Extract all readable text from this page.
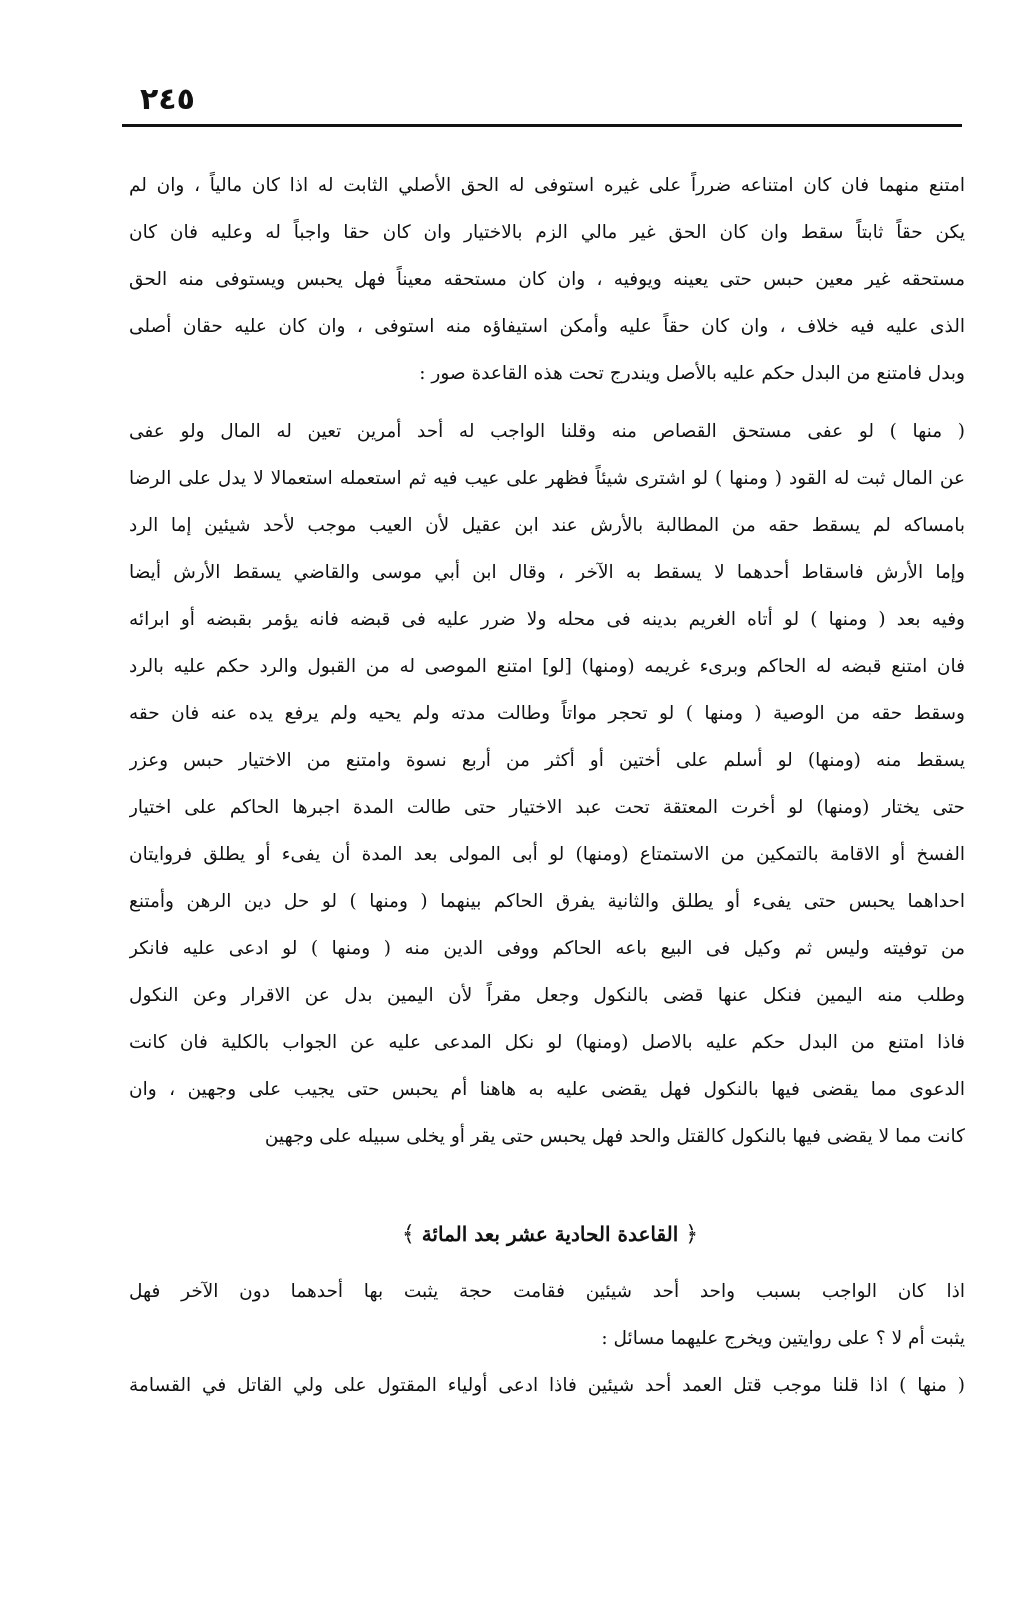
٢٤٥
امتنع منهما فان كان امتناعه ضرراً على غيره استوفى له الحق الأصلي الثابت له اذا كان مالياً ، وان لم
يكن حقاً ثابتاً سقط وان كان الحق غير مالي الزم بالاختيار وان كان حقا واجباً له وعليه فان كان
مستحقه غير معين حبس حتى يعينه ويوفيه ، وان كان مستحقه معيناً فهل يحبس ويستوفى منه الحق
الذى عليه فيه خلاف ، وان كان حقاً عليه وأمكن استيفاؤه منه استوفى ، وان كان عليه حقان أصلى
وبدل فامتنع من البدل حكم عليه بالأصل ويندرج تحت هذه القاعدة صور :
( منها ) لو عفى مستحق القصاص منه وقلنا الواجب له أحد أمرين تعين له المال ولو عفى
عن المال ثبت له القود ( ومنها ) لو اشترى شيئاً فظهر على عيب فيه ثم استعمله استعمالا لا يدل على الرضا
بامساكه لم يسقط حقه من المطالبة بالأرش عند ابن عقيل لأن العيب موجب لأحد شيئين إما الرد
وإما الأرش فاسقاط أحدهما لا يسقط به الآخر ، وقال ابن أبي موسى والقاضي يسقط الأرش أيضا
وفيه بعد ( ومنها ) لو أتاه الغريم بدينه فى محله ولا ضرر عليه فى قبضه فانه يؤمر بقبضه أو ابرائه
فان امتنع قبضه له الحاكم وبرىء غريمه (ومنها) [لو] امتنع الموصى له من القبول والرد حكم عليه بالرد
وسقط حقه من الوصية ( ومنها ) لو تحجر مواتاً وطالت مدته ولم يحيه ولم يرفع يده عنه فان حقه
يسقط منه (ومنها) لو أسلم على أختين أو أكثر من أربع نسوة وامتنع من الاختيار حبس وعزر
حتى يختار (ومنها) لو أخرت المعتقة تحت عبد الاختيار حتى طالت المدة اجبرها الحاكم على اختيار
الفسخ أو الاقامة بالتمكين من الاستمتاع (ومنها) لو أبى المولى بعد المدة أن يفىء أو يطلق فروايتان
احداهما يحبس حتى يفىء أو يطلق والثانية يفرق الحاكم بينهما ( ومنها ) لو حل دين الرهن وأمتنع
من توفيته وليس ثم وكيل فى البيع باعه الحاكم ووفى الدين منه ( ومنها ) لو ادعى عليه فانكر
وطلب منه اليمين فنكل عنها قضى بالنكول وجعل مقراً لأن اليمين بدل عن الاقرار وعن النكول
فاذا امتنع من البدل حكم عليه بالاصل (ومنها) لو نكل المدعى عليه عن الجواب بالكلية فان كانت
الدعوى مما يقضى فيها بالنكول فهل يقضى عليه به هاهنا أم يحبس حتى يجيب على وجهين ، وان
كانت مما لا يقضى فيها بالنكول كالقتل والحد فهل يحبس حتى يقر أو يخلى سبيله على وجهين
﴿ القاعدة الحادية عشر بعد المائة ﴾
اذا كان الواجب بسبب واحد أحد شيئين فقامت حجة يثبت بها أحدهما دون الآخر فهل
يثبت أم لا ؟ على روايتين ويخرج عليهما مسائل :
( منها ) اذا قلنا موجب قتل العمد أحد شيئين فاذا ادعى أولياء المقتول على ولي القاتل في القسامة
